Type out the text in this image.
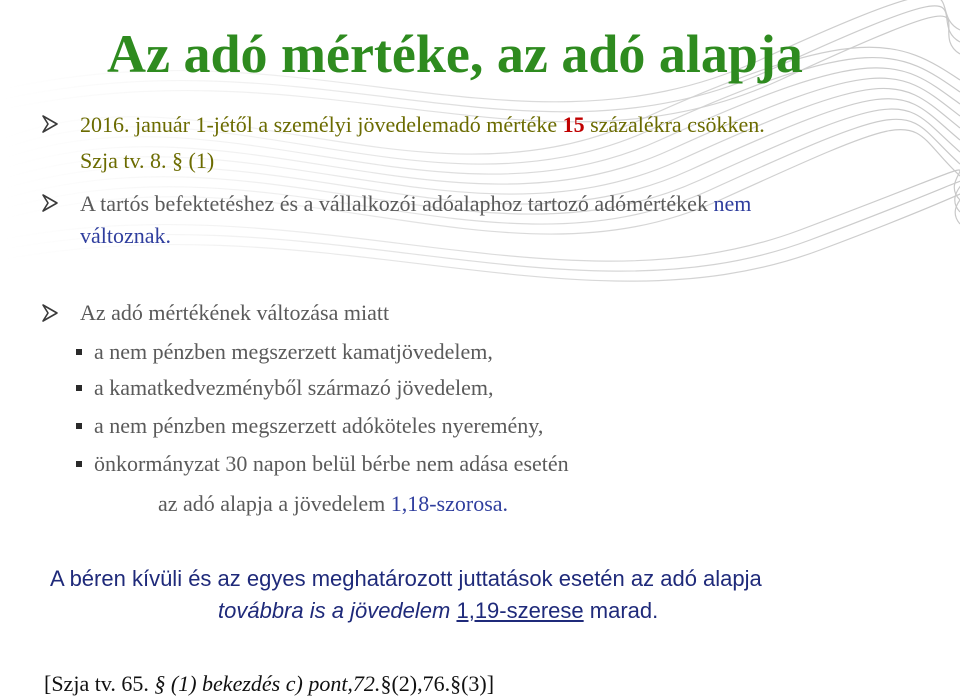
Az adó mértéke, az adó alapja
2016. január 1-jétől a személyi jövedelemadó mértéke 15 százalékra csökken.
Szja tv. 8. § (1)
A tartós befektetéshez és a vállalkozói adóalaphoz tartozó adómértékek nem
változnak.
Az adó mértékének változása miatt
a nem pénzben megszerzett kamatjövedelem,
a kamatkedvezményből származó jövedelem,
a nem pénzben megszerzett adóköteles nyeremény,
önkormányzat 30 napon belül bérbe nem adása esetén
az adó alapja a jövedelem 1,18-szorosa.
A béren kívüli és az egyes meghatározott juttatások esetén az adó alapja
továbbra is a jövedelem 1,19-szerese marad.
[Szja tv. 65. § (1) bekezdés c) pont,72.§(2),76.§(3)]
